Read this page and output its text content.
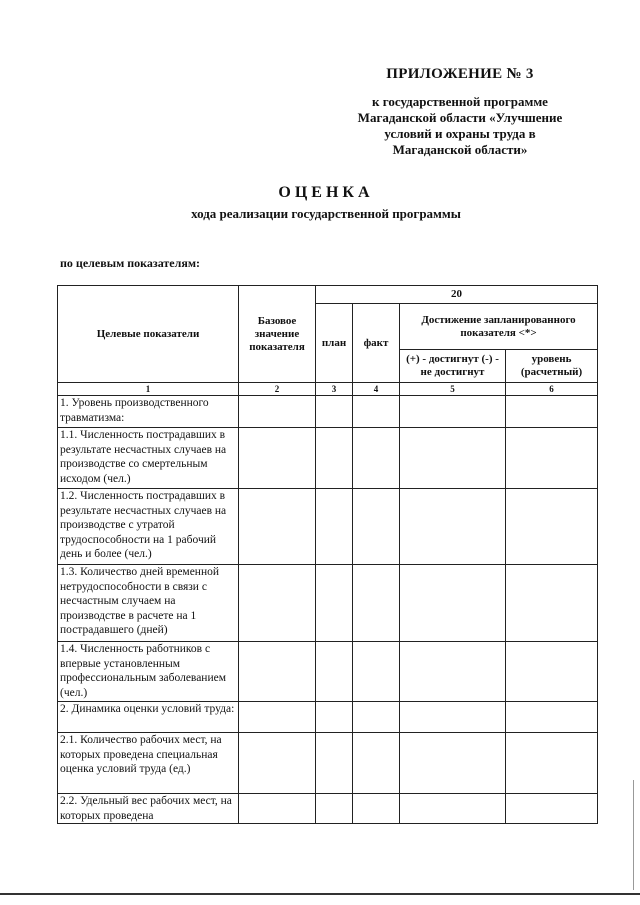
ПРИЛОЖЕНИЕ № 3
к государственной программе
Магаданской области «Улучшение
условий и охраны труда в
Магаданской области»
ОЦЕНКА
хода реализации государственной программы
по целевым показателям:
Целевые показатели	Базовое значение показателя	20			
		план	факт	Достижение запланированного показателя <*>	
				(+) - достигнут (-) - не достигнут	уровень (расчетный)
1	2	3	4	5	6
1. Уровень производственного травматизма:					
1.1. Численность пострадавших в результате несчастных случаев на производстве со смертельным исходом (чел.)					
1.2. Численность пострадавших в результате несчастных случаев на производстве с утратой трудоспособности на 1 рабочий день и более (чел.)					
1.3. Количество дней временной нетрудоспособности в связи с несчастным случаем на производстве в расчете на 1 пострадавшего (дней)					
1.4. Численность работников с впервые установленным профессиональным заболеванием (чел.)					
2. Динамика оценки условий труда:					
2.1. Количество рабочих мест, на которых проведена специальная оценка условий труда (ед.)					
2.2. Удельный вес рабочих мест, на которых проведена					
